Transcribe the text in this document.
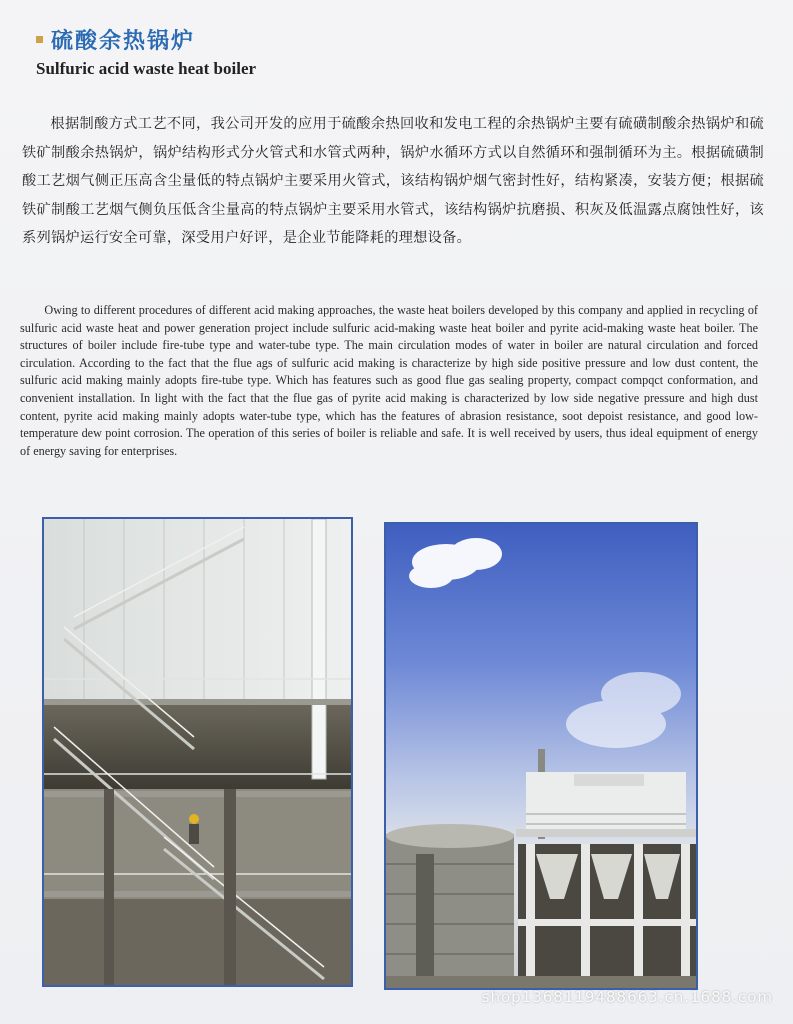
硫酸余热锅炉
Sulfuric acid waste heat boiler
根据制酸方式工艺不同，我公司开发的应用于硫酸余热回收和发电工程的余热锅炉主要有硫磺制酸余热锅炉和硫铁矿制酸余热锅炉，锅炉结构形式分火管式和水管式两种，锅炉水循环方式以自然循环和强制循环为主。根据硫磺制酸工艺烟气侧正压高含尘量低的特点锅炉主要采用火管式，该结构锅炉烟气密封性好，结构紧凑，安装方便；根据硫铁矿制酸工艺烟气侧负压低含尘量高的特点锅炉主要采用水管式，该结构锅炉抗磨损、积灰及低温露点腐蚀性好，该系列锅炉运行安全可靠，深受用户好评，是企业节能降耗的理想设备。
Owing to different procedures of different acid making approaches, the waste heat boilers developed by this company and applied in recycling of sulfuric acid waste heat and power generation project include sulfuric acid-making waste heat boiler and pyrite acid-making waste heat boiler. The structures of boiler include fire-tube type and water-tube type. The main circulation modes of water in boiler are natural circulation and forced circulation. According to the fact that the flue ags of sulfuric acid making is characterize by high side positive pressure and low dust content, the sulfuric acid making mainly adopts fire-tube type. Which has features such as good flue gas sealing property, compact compqct conformation, and convenient installation. In light with the fact that the flue gas of pyrite acid making is characterized by low side negative pressure and high dust content, pyrite acid making mainly adopts water-tube type, which has the features of abrasion resistance, soot depoist resistance, and good low-temperature dew point corrosion. The operation of this series of boiler is reliable and safe. It is well received by users, thus ideal equipment of energy of energy saving for enterprises.
shop1368119488663.cn.1688.com
